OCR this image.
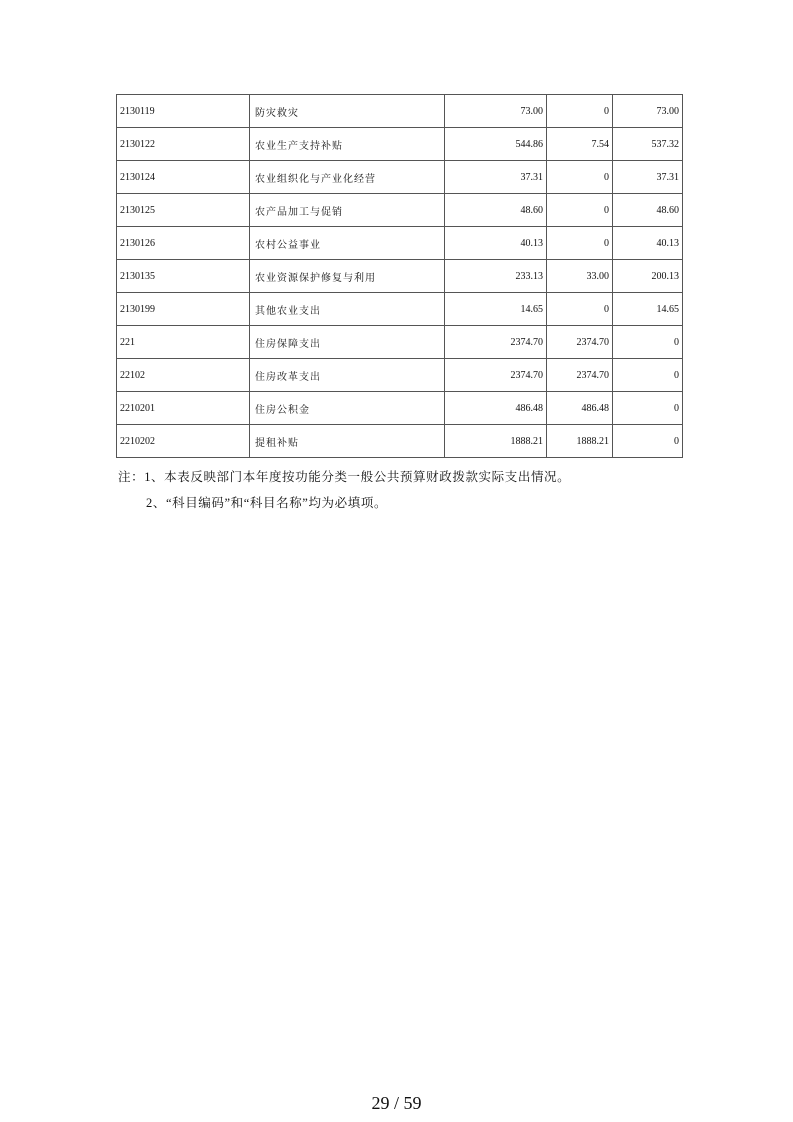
2130119	防灾救灾	73.00	0	73.00
2130122	农业生产支持补贴	544.86	7.54	537.32
2130124	农业组织化与产业化经营	37.31	0	37.31
2130125	农产品加工与促销	48.60	0	48.60
2130126	农村公益事业	40.13	0	40.13
2130135	农业资源保护修复与利用	233.13	33.00	200.13
2130199	其他农业支出	14.65	0	14.65
221	住房保障支出	2374.70	2374.70	0
22102	住房改革支出	2374.70	2374.70	0
2210201	住房公积金	486.48	486.48	0
2210202	提租补贴	1888.21	1888.21	0
注：1、本表反映部门本年度按功能分类一般公共预算财政拨款实际支出情况。
2、“科目编码”和“科目名称”均为必填项。
29 / 59
